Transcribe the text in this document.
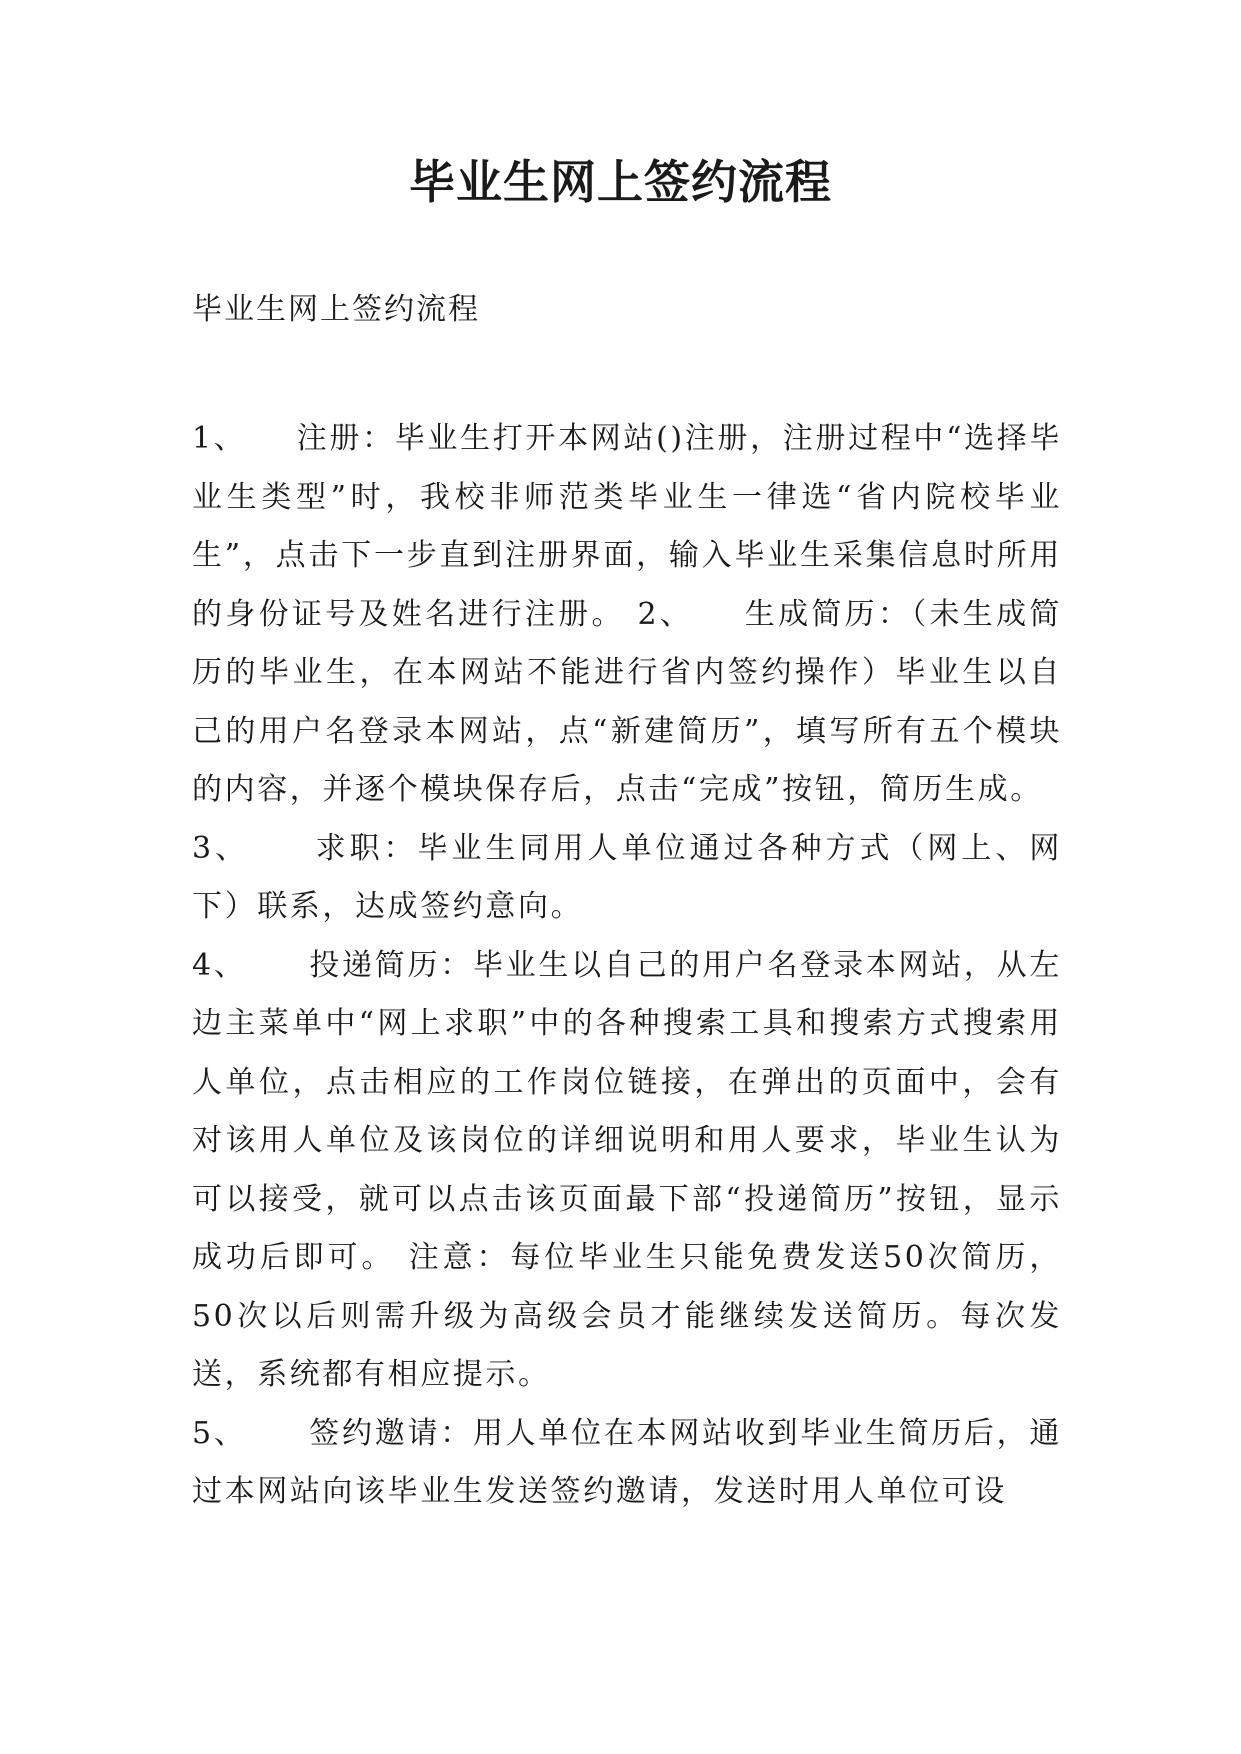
毕业生网上签约流程

毕业生网上签约流程

1、　　注册：毕业生打开本网站()注册，注册过程中“选择毕业生类型”时，我校非师范类毕业生一律选“省内院校毕业生”，点击下一步直到注册界面，输入毕业生采集信息时所用的身份证号及姓名进行注册。 2、　　生成简历：（未生成简历的毕业生，在本网站不能进行省内签约操作）毕业生以自己的用户名登录本网站，点“新建简历”，填写所有五个模块的内容，并逐个模块保存后，点击“完成”按钮，简历生成。

3、　　 求职：毕业生同用人单位通过各种方式（网上、网下）联系，达成签约意向。

4、　　 投递简历：毕业生以自己的用户名登录本网站，从左边主菜单中“网上求职”中的各种搜索工具和搜索方式搜索用人单位，点击相应的工作岗位链接，在弹出的页面中，会有对该用人单位及该岗位的详细说明和用人要求，毕业生认为可以接受，就可以点击该页面最下部“投递简历”按钮，显示成功后即可。 注意：每位毕业生只能免费发送50次简历，50次以后则需升级为高级会员才能继续发送简历。每次发送，系统都有相应提示。

5、　　 签约邀请：用人单位在本网站收到毕业生简历后，通过本网站向该毕业生发送签约邀请，发送时用人单位可设
